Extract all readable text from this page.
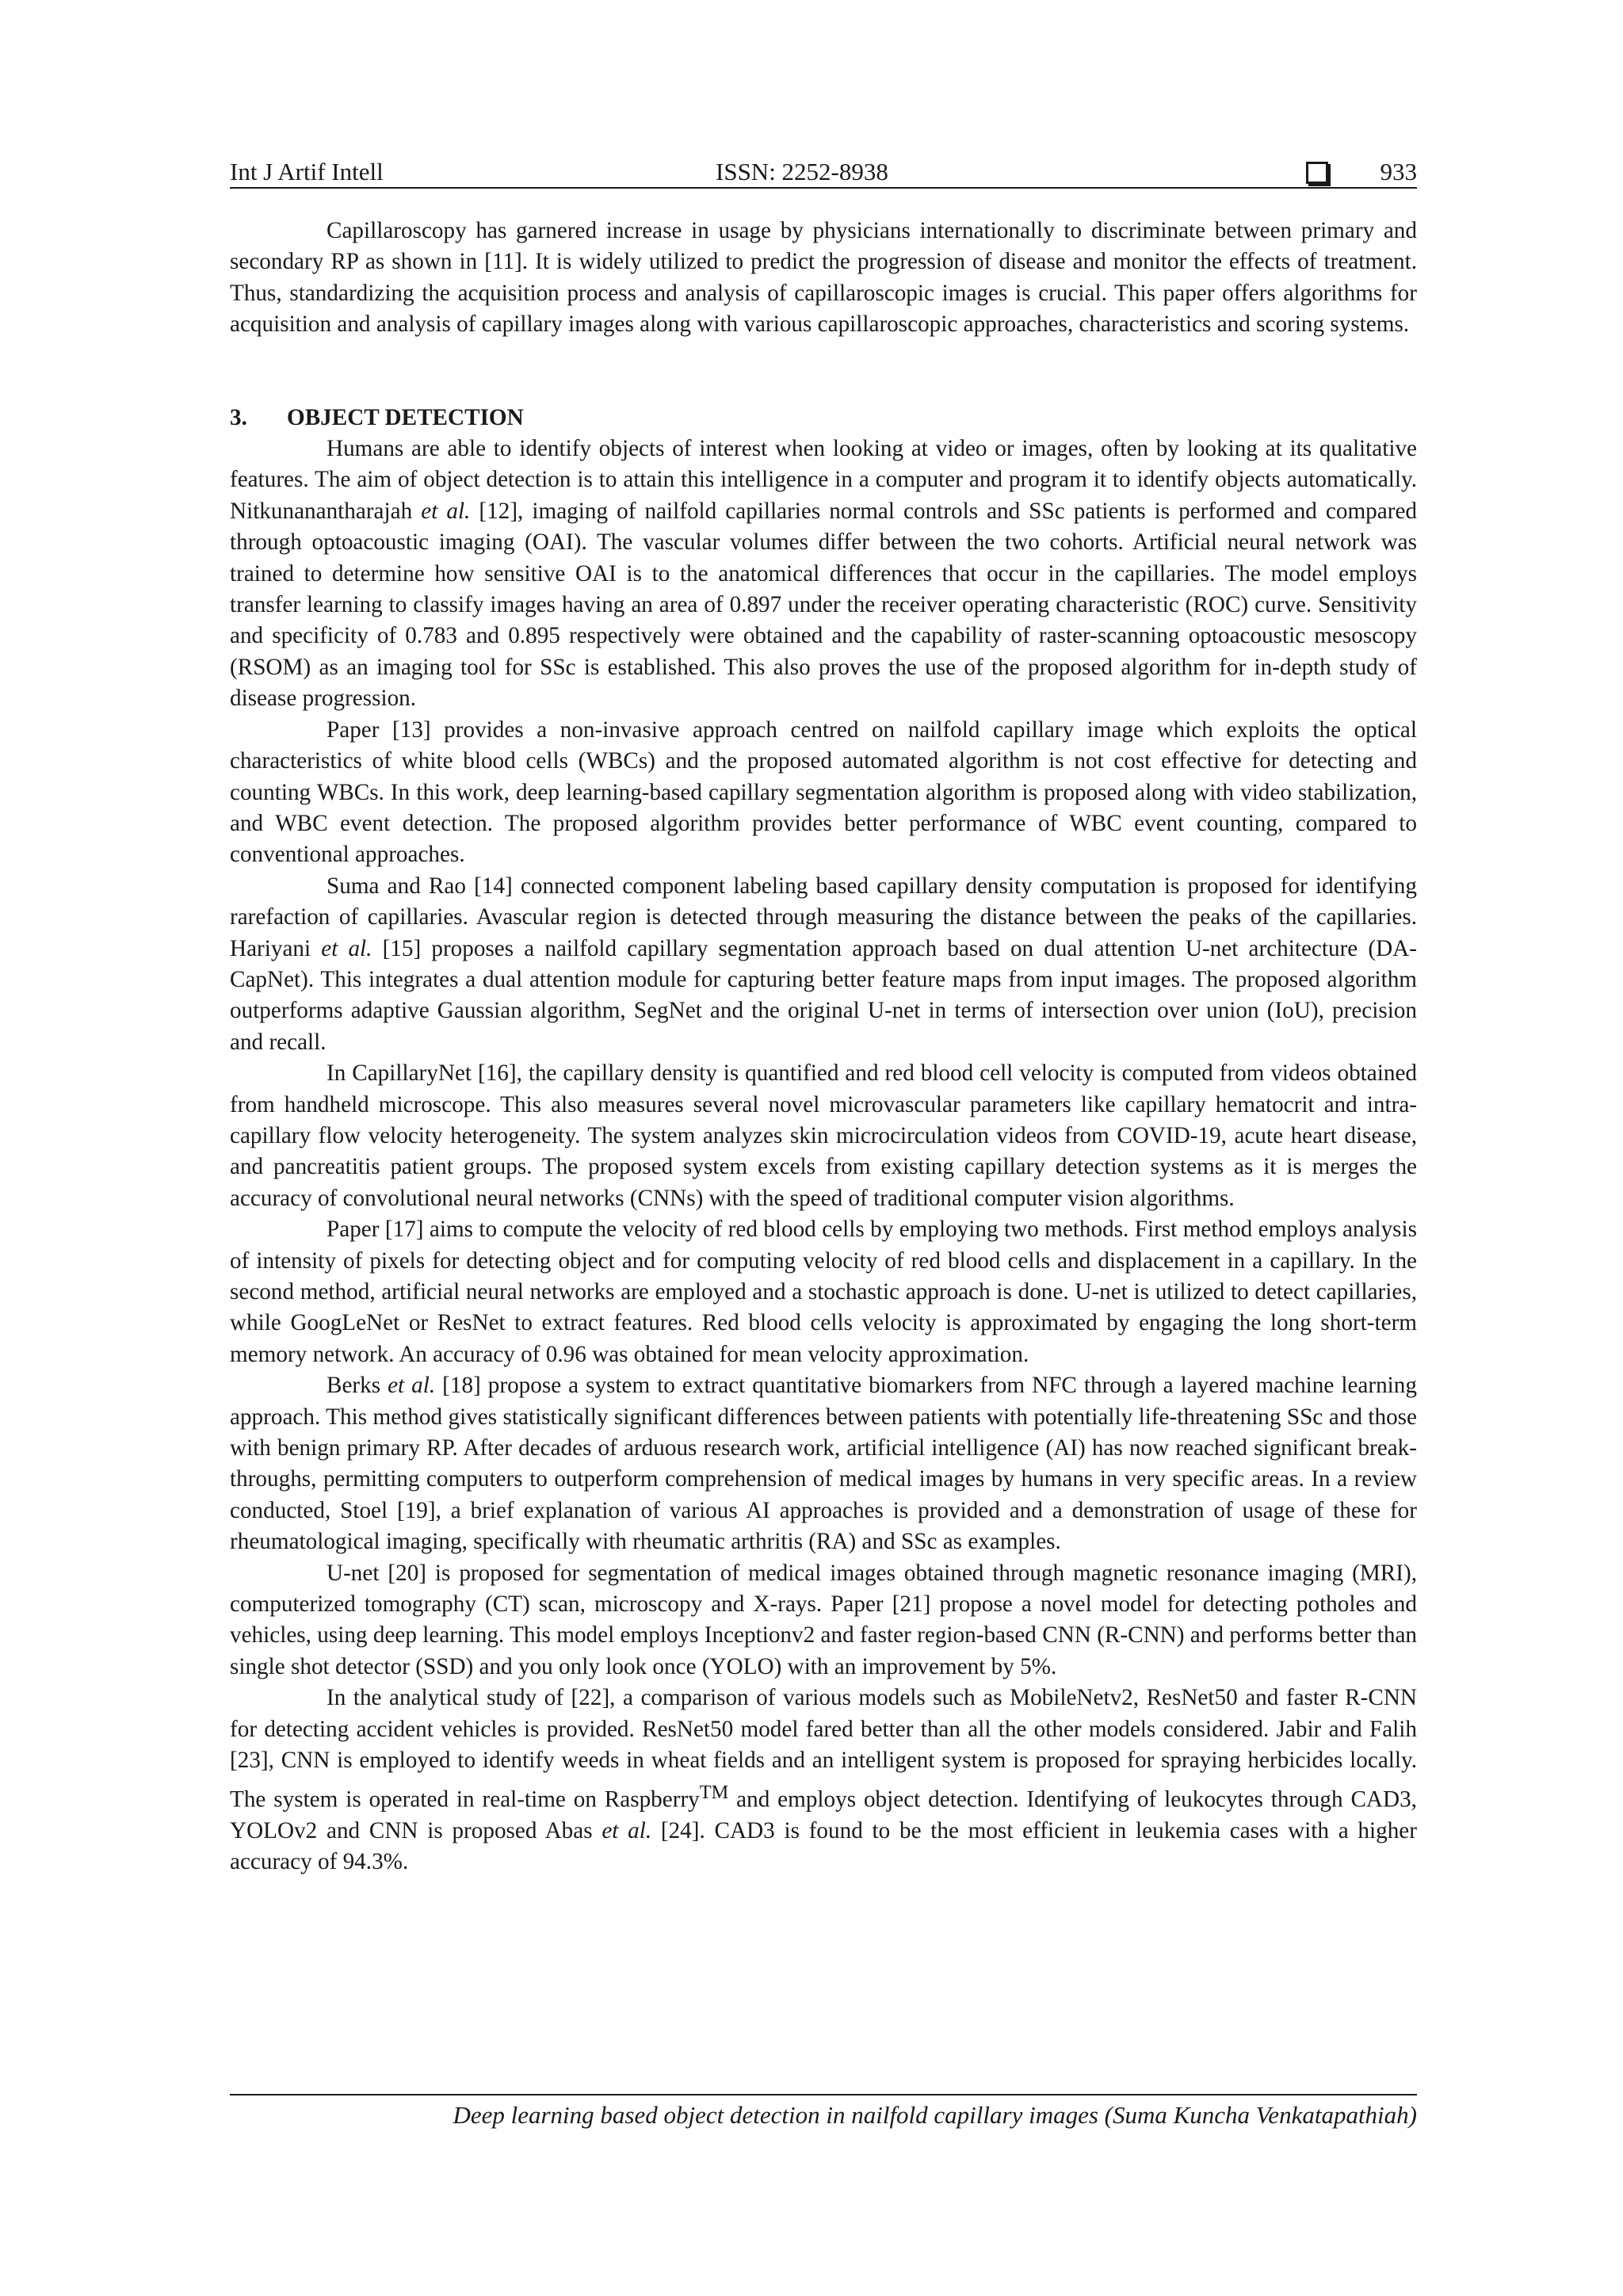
Int J Artif Intell	ISSN: 2252-8938	933

Capillaroscopy has garnered increase in usage by physicians internationally to discriminate between primary and secondary RP as shown in [11]. It is widely utilized to predict the progression of disease and monitor the effects of treatment. Thus, standardizing the acquisition process and analysis of capillaroscopic images is crucial. This paper offers algorithms for acquisition and analysis of capillary images along with various capillaroscopic approaches, characteristics and scoring systems.

3. OBJECT DETECTION

Humans are able to identify objects of interest when looking at video or images, often by looking at its qualitative features. The aim of object detection is to attain this intelligence in a computer and program it to identify objects automatically. Nitkunanantharajah et al. [12], imaging of nailfold capillaries normal controls and SSc patients is performed and compared through optoacoustic imaging (OAI). The vascular volumes differ between the two cohorts. Artificial neural network was trained to determine how sensitive OAI is to the anatomical differences that occur in the capillaries. The model employs transfer learning to classify images having an area of 0.897 under the receiver operating characteristic (ROC) curve. Sensitivity and specificity of 0.783 and 0.895 respectively were obtained and the capability of raster-scanning optoacoustic mesoscopy (RSOM) as an imaging tool for SSc is established. This also proves the use of the proposed algorithm for in-depth study of disease progression.

Paper [13] provides a non-invasive approach centred on nailfold capillary image which exploits the optical characteristics of white blood cells (WBCs) and the proposed automated algorithm is not cost effective for detecting and counting WBCs. In this work, deep learning-based capillary segmentation algorithm is proposed along with video stabilization, and WBC event detection. The proposed algorithm provides better performance of WBC event counting, compared to conventional approaches.

Suma and Rao [14] connected component labeling based capillary density computation is proposed for identifying rarefaction of capillaries. Avascular region is detected through measuring the distance between the peaks of the capillaries. Hariyani et al. [15] proposes a nailfold capillary segmentation approach based on dual attention U-net architecture (DA-CapNet). This integrates a dual attention module for capturing better feature maps from input images. The proposed algorithm outperforms adaptive Gaussian algorithm, SegNet and the original U-net in terms of intersection over union (IoU), precision and recall.

In CapillaryNet [16], the capillary density is quantified and red blood cell velocity is computed from videos obtained from handheld microscope. This also measures several novel microvascular parameters like capillary hematocrit and intra-capillary flow velocity heterogeneity. The system analyzes skin microcirculation videos from COVID-19, acute heart disease, and pancreatitis patient groups. The proposed system excels from existing capillary detection systems as it is merges the accuracy of convolutional neural networks (CNNs) with the speed of traditional computer vision algorithms.

Paper [17] aims to compute the velocity of red blood cells by employing two methods. First method employs analysis of intensity of pixels for detecting object and for computing velocity of red blood cells and displacement in a capillary. In the second method, artificial neural networks are employed and a stochastic approach is done. U-net is utilized to detect capillaries, while GoogLeNet or ResNet to extract features. Red blood cells velocity is approximated by engaging the long short-term memory network. An accuracy of 0.96 was obtained for mean velocity approximation.

Berks et al. [18] propose a system to extract quantitative biomarkers from NFC through a layered machine learning approach. This method gives statistically significant differences between patients with potentially life-threatening SSc and those with benign primary RP. After decades of arduous research work, artificial intelligence (AI) has now reached significant break-throughs, permitting computers to outperform comprehension of medical images by humans in very specific areas. In a review conducted, Stoel [19], a brief explanation of various AI approaches is provided and a demonstration of usage of these for rheumatological imaging, specifically with rheumatic arthritis (RA) and SSc as examples.

U-net [20] is proposed for segmentation of medical images obtained through magnetic resonance imaging (MRI), computerized tomography (CT) scan, microscopy and X-rays. Paper [21] propose a novel model for detecting potholes and vehicles, using deep learning. This model employs Inceptionv2 and faster region-based CNN (R-CNN) and performs better than single shot detector (SSD) and you only look once (YOLO) with an improvement by 5%.

In the analytical study of [22], a comparison of various models such as MobileNetv2, ResNet50 and faster R-CNN for detecting accident vehicles is provided. ResNet50 model fared better than all the other models considered. Jabir and Falih [23], CNN is employed to identify weeds in wheat fields and an intelligent system is proposed for spraying herbicides locally. The system is operated in real-time on Raspberry™ and employs object detection. Identifying of leukocytes through CAD3, YOLOv2 and CNN is proposed Abas et al. [24]. CAD3 is found to be the most efficient in leukemia cases with a higher accuracy of 94.3%.

Deep learning based object detection in nailfold capillary images (Suma Kuncha Venkatapathiah)
